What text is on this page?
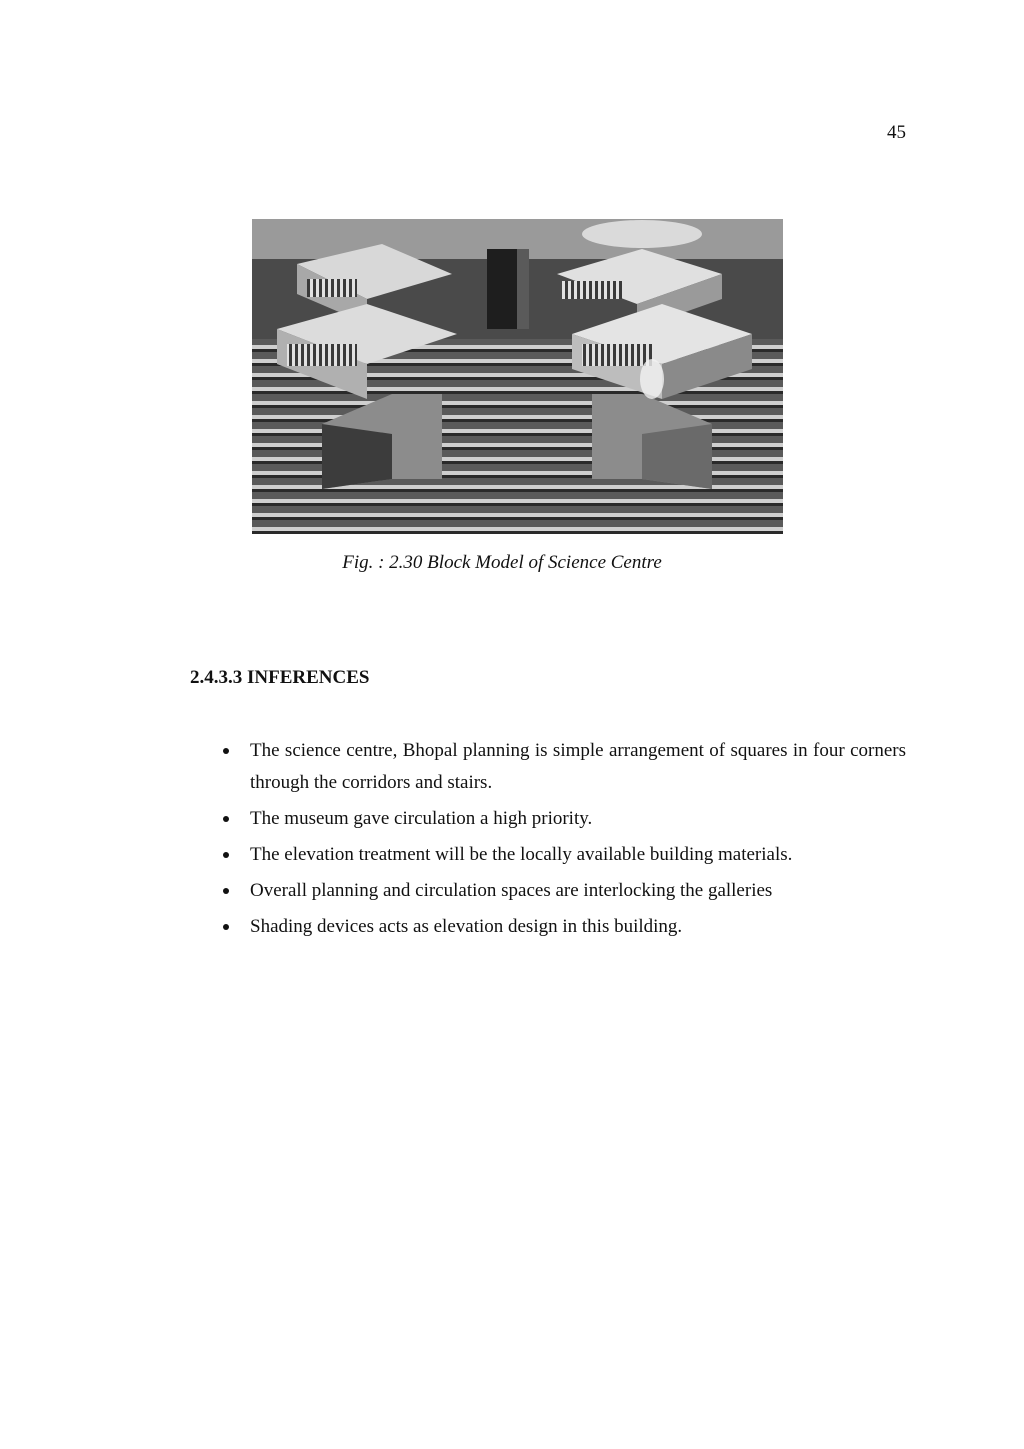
45
Fig. : 2.30 Block Model of Science Centre
2.4.3.3 INFERENCES
The science centre, Bhopal planning is simple arrangement of squares in four corners through the corridors and stairs.
The museum gave circulation a high priority.
The elevation treatment will be the locally available building materials.
Overall planning and circulation spaces are interlocking the galleries
Shading devices acts as elevation design in this building.
